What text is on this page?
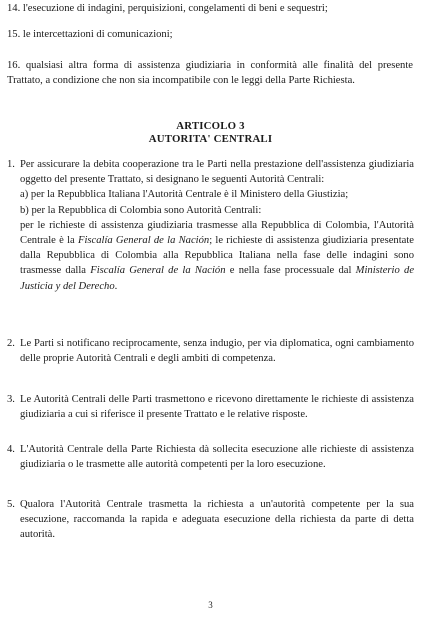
14. l'esecuzione di indagini, perquisizioni, congelamenti di beni e sequestri;
15. le intercettazioni di comunicazioni;
16. qualsiasi altra forma di assistenza giudiziaria in conformità alle finalità del presente Trattato, a condizione che non sia incompatibile con le leggi della Parte Richiesta.
ARTICOLO 3
AUTORITA' CENTRALI
1. Per assicurare la debita cooperazione tra le Parti nella prestazione dell'assistenza giudiziaria oggetto del presente Trattato, si designano le seguenti Autorità Centrali:
a) per la Repubblica Italiana l'Autorità Centrale è il Ministero della Giustizia;
b) per la Repubblica di Colombia sono Autorità Centrali:
per le richieste di assistenza giudiziaria trasmesse alla Repubblica di Colombia, l'Autorità Centrale è la Fiscalía General de la Nación; le richieste di assistenza giudiziaria presentate dalla Repubblica di Colombia alla Repubblica Italiana nella fase delle indagini sono trasmesse dalla Fiscalía General de la Nación e nella fase processuale dal Ministerio de Justicia y del Derecho.
2. Le Parti si notificano reciprocamente, senza indugio, per via diplomatica, ogni cambiamento delle proprie Autorità Centrali e degli ambiti di competenza.
3. Le Autorità Centrali delle Parti trasmettono e ricevono direttamente le richieste di assistenza giudiziaria a cui si riferisce il presente Trattato e le relative risposte.
4. L'Autorità Centrale della Parte Richiesta dà sollecita esecuzione alle richieste di assistenza giudiziaria o le trasmette alle autorità competenti per la loro esecuzione.
5. Qualora l'Autorità Centrale trasmetta la richiesta a un'autorità competente per la sua esecuzione, raccomanda la rapida e adeguata esecuzione della richiesta da parte di detta autorità.
3
